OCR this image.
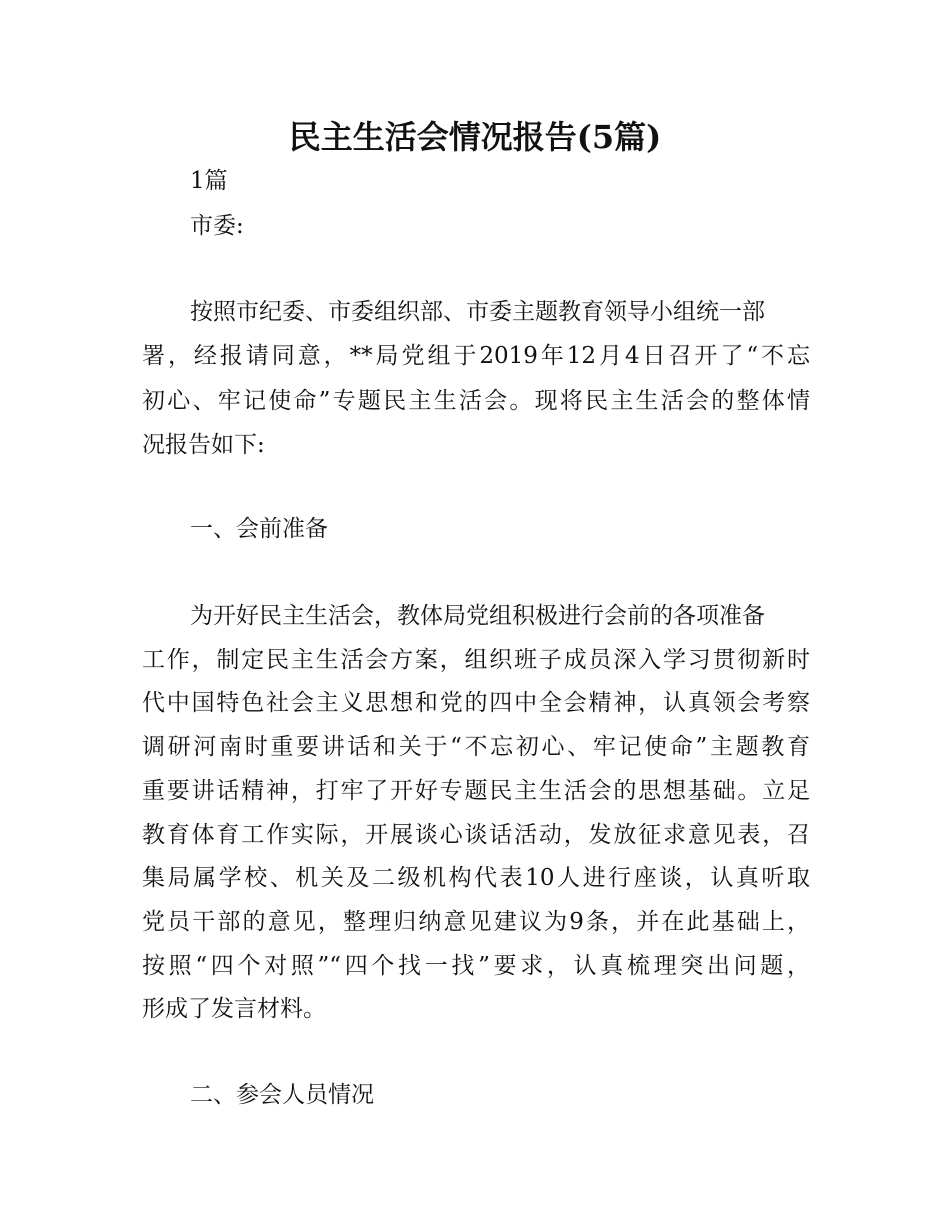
民主生活会情况报告(5篇)
1篇
市委:
按照市纪委、市委组织部、市委主题教育领导小组统一部
署，经报请同意，**局党组于2019年12月4日召开了“不忘
初心、牢记使命”专题民主生活会。现将民主生活会的整体情
况报告如下:
一、会前准备
为开好民主生活会，教体局党组积极进行会前的各项准备
工作，制定民主生活会方案，组织班子成员深入学习贯彻新时
代中国特色社会主义思想和党的四中全会精神，认真领会考察
调研河南时重要讲话和关于“不忘初心、牢记使命”主题教育
重要讲话精神，打牢了开好专题民主生活会的思想基础。立足
教育体育工作实际，开展谈心谈话活动，发放征求意见表，召
集局属学校、机关及二级机构代表10人进行座谈，认真听取
党员干部的意见，整理归纳意见建议为9条，并在此基础上，
按照“四个对照”“四个找一找”要求，认真梳理突出问题，
形成了发言材料。
二、参会人员情况
